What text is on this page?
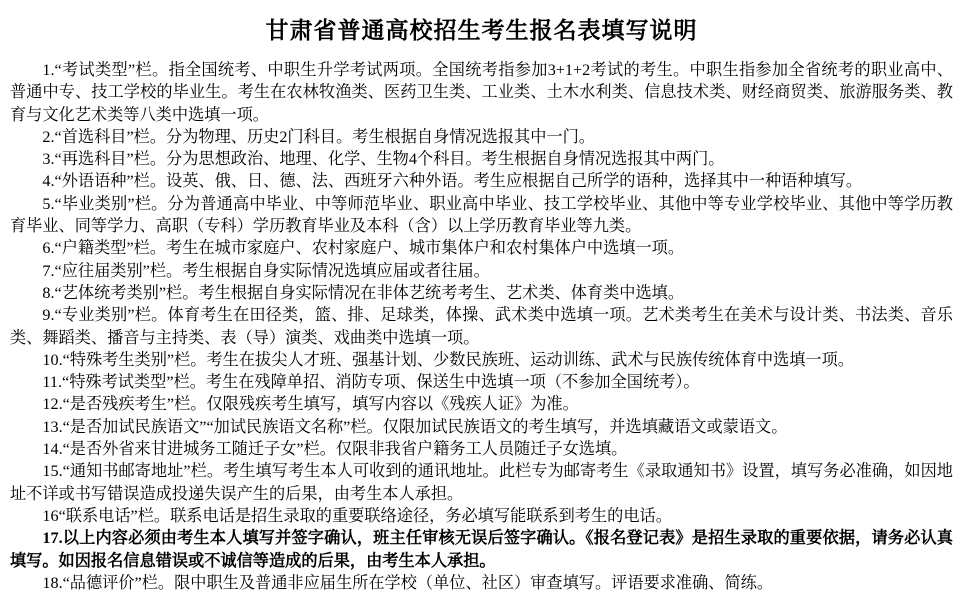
甘肃省普通高校招生考生报名表填写说明

1.“考试类型”栏。指全国统考、中职生升学考试两项。全国统考指参加3+1+2考试的考生。中职生指参加全省统考的职业高中、普通中专、技工学校的毕业生。考生在农林牧渔类、医药卫生类、工业类、土木水利类、信息技术类、财经商贸类、旅游服务类、教育与文化艺术类等八类中选填一项。

2.“首选科目”栏。分为物理、历史2门科目。考生根据自身情况选报其中一门。

3.“再选科目”栏。分为思想政治、地理、化学、生物4个科目。考生根据自身情况选报其中两门。

4.“外语语种”栏。设英、俄、日、德、法、西班牙六种外语。考生应根据自己所学的语种，选择其中一种语种填写。

5.“毕业类别”栏。分为普通高中毕业、中等师范毕业、职业高中毕业、技工学校毕业、其他中等专业学校毕业、其他中等学历教育毕业、同等学力、高职（专科）学历教育毕业及本科（含）以上学历教育毕业等九类。

6.“户籍类型”栏。考生在城市家庭户、农村家庭户、城市集体户和农村集体户中选填一项。

7.“应往届类别”栏。考生根据自身实际情况选填应届或者往届。

8.“艺体统考类别”栏。考生根据自身实际情况在非体艺统考考生、艺术类、体育类中选填。

9.“专业类别”栏。体育考生在田径类，篮、排、足球类，体操、武术类中选填一项。艺术类考生在美术与设计类、书法类、音乐类、舞蹈类、播音与主持类、表（导）演类、戏曲类中选填一项。

10.“特殊考生类别”栏。考生在拔尖人才班、强基计划、少数民族班、运动训练、武术与民族传统体育中选填一项。

11.“特殊考试类型”栏。考生在残障单招、消防专项、保送生中选填一项（不参加全国统考）。

12.“是否残疾考生”栏。仅限残疾考生填写，填写内容以《残疾人证》为准。

13.“是否加试民族语文”“加试民族语文名称”栏。仅限加试民族语文的考生填写，并选填藏语文或蒙语文。

14.“是否外省来甘进城务工随迁子女”栏。仅限非我省户籍务工人员随迁子女选填。

15.“通知书邮寄地址”栏。考生填写考生本人可收到的通讯地址。此栏专为邮寄考生《录取通知书》设置，填写务必准确，如因地址不详或书写错误造成投递失误产生的后果，由考生本人承担。

16“联系电话”栏。联系电话是招生录取的重要联络途径，务必填写能联系到考生的电话。

17.以上内容必须由考生本人填写并签字确认，班主任审核无误后签字确认。《报名登记表》是招生录取的重要依据，请务必认真填写。如因报名信息错误或不诚信等造成的后果，由考生本人承担。

18.“品德评价”栏。限中职生及普通非应届生所在学校（单位、社区）审查填写。评语要求准确、简练。
